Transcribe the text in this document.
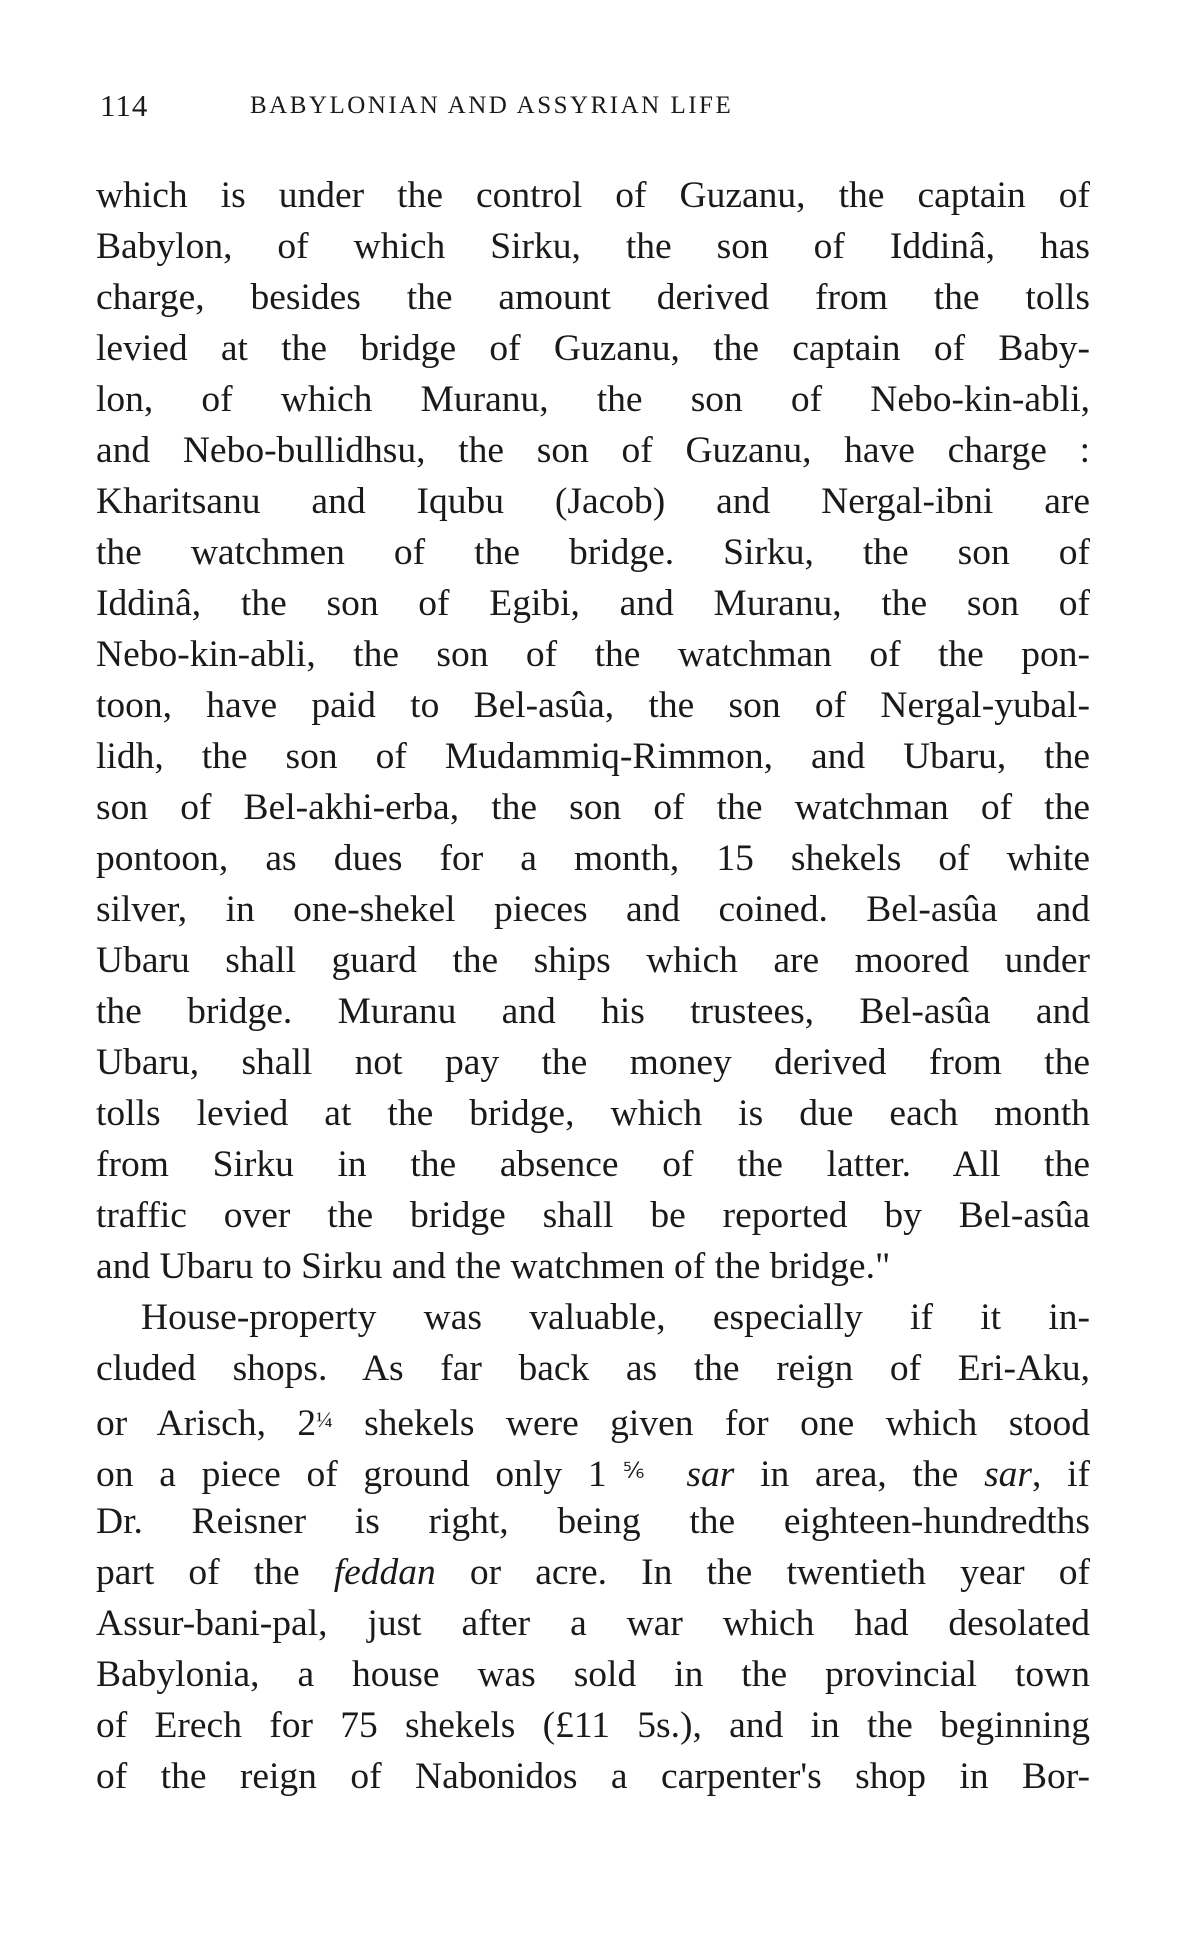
114	BABYLONIAN AND ASSYRIAN LIFE
which is under the control of Guzanu, the captain of
Babylon, of which Sirku, the son of Iddinâ, has
charge, besides the amount derived from the tolls
levied at the bridge of Guzanu, the captain of Baby-
lon, of which Muranu, the son of Nebo-kin-abli,
and Nebo-bullidhsu, the son of Guzanu, have charge :
Kharitsanu and Iqubu (Jacob) and Nergal-ibni are
the watchmen of the bridge. Sirku, the son of
Iddinâ, the son of Egibi, and Muranu, the son of
Nebo-kin-abli, the son of the watchman of the pon-
toon, have paid to Bel-asûa, the son of Nergal-yubal-
lidh, the son of Mudammiq-Rimmon, and Ubaru, the
son of Bel-akhi-erba, the son of the watchman of the
pontoon, as dues for a month, 15 shekels of white
silver, in one-shekel pieces and coined. Bel-asûa and
Ubaru shall guard the ships which are moored under
the bridge. Muranu and his trustees, Bel-asûa and
Ubaru, shall not pay the money derived from the
tolls levied at the bridge, which is due each month
from Sirku in the absence of the latter. All the
traffic over the bridge shall be reported by Bel-asûa
and Ubaru to Sirku and the watchmen of the bridge."
House-property was valuable, especially if it in-
cluded shops. As far back as the reign of Eri-Aku,
or Arisch, $2^{\frac{1}{4}}$ shekels were given for one which stood
on a piece of ground only $1^{\frac{5}{6}}$ sar in area, the sar, if
Dr. Reisner is right, being the eighteen-hundredths
part of the feddan or acre. In the twentieth year of
Assur-bani-pal, just after a war which had desolated
Babylonia, a house was sold in the provincial town
of Erech for 75 shekels (£11 5s.), and in the beginning
of the reign of Nabonidos a carpenter's shop in Bor-
